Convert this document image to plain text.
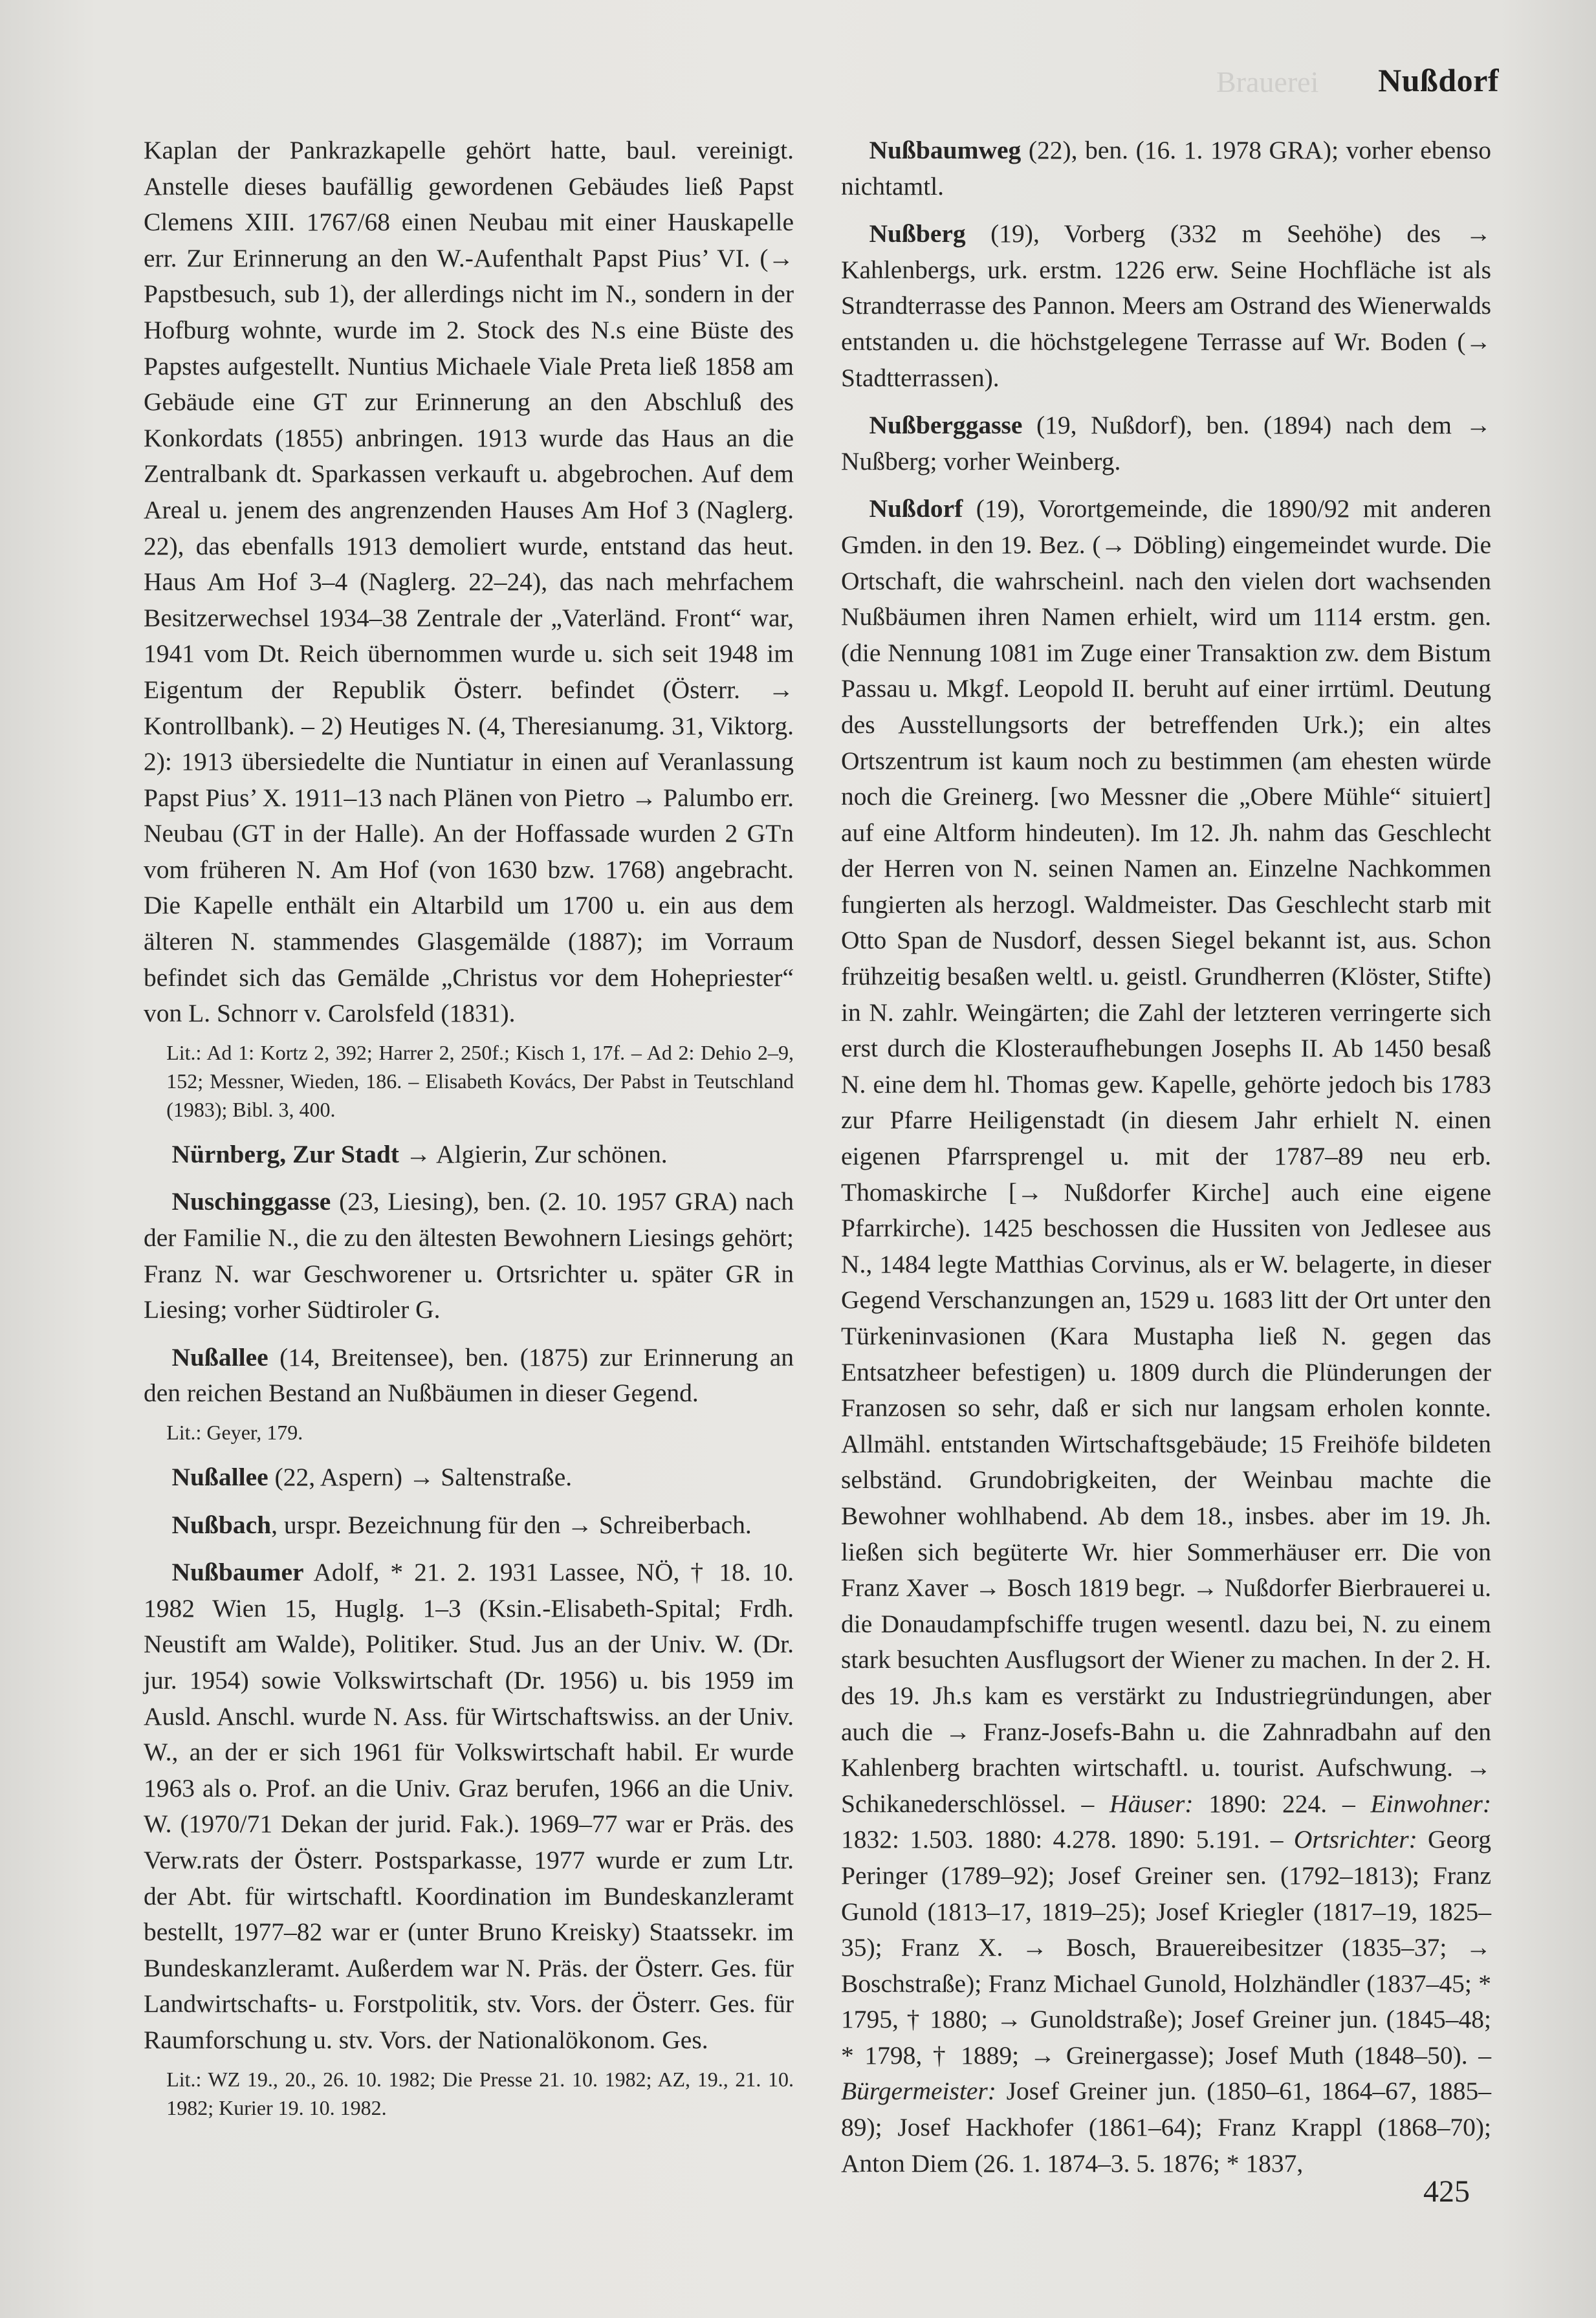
Brauerei Nußdorf

Kaplan der Pankrazkapelle gehört hatte, baul. vereinigt. Anstelle dieses baufällig gewordenen Gebäudes ließ Papst Clemens XIII. 1767/68 einen Neubau mit einer Hauskapelle err. Zur Erinnerung an den W.-Aufenthalt Papst Pius’ VI. (→ Papstbesuch, sub 1), der allerdings nicht im N., sondern in der Hofburg wohnte, wurde im 2. Stock des N.s eine Büste des Papstes aufgestellt. Nuntius Michaele Viale Preta ließ 1858 am Gebäude eine GT zur Erinnerung an den Abschluß des Konkordats (1855) anbringen. 1913 wurde das Haus an die Zentralbank dt. Sparkassen verkauft u. abgebrochen. Auf dem Areal u. jenem des angrenzenden Hauses Am Hof 3 (Naglerg. 22), das ebenfalls 1913 demoliert wurde, entstand das heut. Haus Am Hof 3–4 (Naglerg. 22–24), das nach mehrfachem Besitzerwechsel 1934–38 Zentrale der „Vaterländ. Front“ war, 1941 vom Dt. Reich übernommen wurde u. sich seit 1948 im Eigentum der Republik Österr. befindet (Österr. → Kontrollbank). – 2) Heutiges N. (4, Theresianumg. 31, Viktorg. 2): 1913 übersiedelte die Nuntiatur in einen auf Veranlassung Papst Pius’ X. 1911–13 nach Plänen von Pietro → Palumbo err. Neubau (GT in der Halle). An der Hoffassade wurden 2 GTn vom früheren N. Am Hof (von 1630 bzw. 1768) angebracht. Die Kapelle enthält ein Altarbild um 1700 u. ein aus dem älteren N. stammendes Glasgemälde (1887); im Vorraum befindet sich das Gemälde „Christus vor dem Hohepriester“ von L. Schnorr v. Carolsfeld (1831).

Lit.: Ad 1: Kortz 2, 392; Harrer 2, 250f.; Kisch 1, 17f. – Ad 2: Dehio 2–9, 152; Messner, Wieden, 186. – Elisabeth Kovács, Der Pabst in Teutschland (1983); Bibl. 3, 400.

Nürnberg, Zur Stadt → Algierin, Zur schönen.

Nuschinggasse (23, Liesing), ben. (2. 10. 1957 GRA) nach der Familie N., die zu den ältesten Bewohnern Liesings gehört; Franz N. war Geschworener u. Ortsrichter u. später GR in Liesing; vorher Südtiroler G.

Nußallee (14, Breitensee), ben. (1875) zur Erinnerung an den reichen Bestand an Nußbäumen in dieser Gegend.

Lit.: Geyer, 179.

Nußallee (22, Aspern) → Saltenstraße.

Nußbach, urspr. Bezeichnung für den → Schreiberbach.

Nußbaumer Adolf, * 21. 2. 1931 Lassee, NÖ, † 18. 10. 1982 Wien 15, Huglg. 1–3 (Ksin.-Elisabeth-Spital; Frdh. Neustift am Walde), Politiker. Stud. Jus an der Univ. W. (Dr. jur. 1954) sowie Volkswirtschaft (Dr. 1956) u. bis 1959 im Ausld. Anschl. wurde N. Ass. für Wirtschaftswiss. an der Univ. W., an der er sich 1961 für Volkswirtschaft habil. Er wurde 1963 als o. Prof. an die Univ. Graz berufen, 1966 an die Univ. W. (1970/71 Dekan der jurid. Fak.). 1969–77 war er Präs. des Verw.rats der Österr. Postsparkasse, 1977 wurde er zum Ltr. der Abt. für wirtschaftl. Koordination im Bundeskanzleramt bestellt, 1977–82 war er (unter Bruno Kreisky) Staatssekr. im Bundeskanzleramt. Außerdem war N. Präs. der Österr. Ges. für Landwirtschafts- u. Forstpolitik, stv. Vors. der Österr. Ges. für Raumforschung u. stv. Vors. der Nationalökonom. Ges.

Lit.: WZ 19., 20., 26. 10. 1982; Die Presse 21. 10. 1982; AZ, 19., 21. 10. 1982; Kurier 19. 10. 1982.

Nußbaumweg (22), ben. (16. 1. 1978 GRA); vorher ebenso nichtamtl.

Nußberg (19), Vorberg (332 m Seehöhe) des → Kahlenbergs, urk. erstm. 1226 erw. Seine Hochfläche ist als Strandterrasse des Pannon. Meers am Ostrand des Wienerwalds entstanden u. die höchstgelegene Terrasse auf Wr. Boden (→ Stadtterrassen).

Nußberggasse (19, Nußdorf), ben. (1894) nach dem → Nußberg; vorher Weinberg.

Nußdorf (19), Vorortgemeinde, die 1890/92 mit anderen Gmden. in den 19. Bez. (→ Döbling) eingemeindet wurde. Die Ortschaft, die wahrscheinl. nach den vielen dort wachsenden Nußbäumen ihren Namen erhielt, wird um 1114 erstm. gen. (die Nennung 1081 im Zuge einer Transaktion zw. dem Bistum Passau u. Mkgf. Leopold II. beruht auf einer irrtüml. Deutung des Ausstellungsorts der betreffenden Urk.); ein altes Ortszentrum ist kaum noch zu bestimmen (am ehesten würde noch die Greinerg. [wo Messner die „Obere Mühle“ situiert] auf eine Altform hindeuten). Im 12. Jh. nahm das Geschlecht der Herren von N. seinen Namen an. Einzelne Nachkommen fungierten als herzogl. Waldmeister. Das Geschlecht starb mit Otto Span de Nusdorf, dessen Siegel bekannt ist, aus. Schon frühzeitig besaßen weltl. u. geistl. Grundherren (Klöster, Stifte) in N. zahlr. Weingärten; die Zahl der letzteren verringerte sich erst durch die Klosteraufhebungen Josephs II. Ab 1450 besaß N. eine dem hl. Thomas gew. Kapelle, gehörte jedoch bis 1783 zur Pfarre Heiligenstadt (in diesem Jahr erhielt N. einen eigenen Pfarrsprengel u. mit der 1787–89 neu erb. Thomaskirche [→ Nußdorfer Kirche] auch eine eigene Pfarrkirche). 1425 beschossen die Hussiten von Jedlesee aus N., 1484 legte Matthias Corvinus, als er W. belagerte, in dieser Gegend Verschanzungen an, 1529 u. 1683 litt der Ort unter den Türkeninvasionen (Kara Mustapha ließ N. gegen das Entsatzheer befestigen) u. 1809 durch die Plünderungen der Franzosen so sehr, daß er sich nur langsam erholen konnte. Allmähl. entstanden Wirtschaftsgebäude; 15 Freihöfe bildeten selbständ. Grundobrigkeiten, der Weinbau machte die Bewohner wohlhabend. Ab dem 18., insbes. aber im 19. Jh. ließen sich begüterte Wr. hier Sommerhäuser err. Die von Franz Xaver → Bosch 1819 begr. → Nußdorfer Bierbrauerei u. die Donaudampfschiffe trugen wesentl. dazu bei, N. zu einem stark besuchten Ausflugsort der Wiener zu machen. In der 2. H. des 19. Jh.s kam es verstärkt zu Industriegründungen, aber auch die → Franz-Josefs-Bahn u. die Zahnradbahn auf den Kahlenberg brachten wirtschaftl. u. tourist. Aufschwung. → Schikanederschlössel. – Häuser: 1890: 224. – Einwohner: 1832: 1.503. 1880: 4.278. 1890: 5.191. – Ortsrichter: Georg Peringer (1789–92); Josef Greiner sen. (1792–1813); Franz Gunold (1813–17, 1819–25); Josef Kriegler (1817–19, 1825–35); Franz X. → Bosch, Brauereibesitzer (1835–37; → Boschstraße); Franz Michael Gunold, Holzhändler (1837–45; * 1795, † 1880; → Gunoldstraße); Josef Greiner jun. (1845–48; * 1798, † 1889; → Greinergasse); Josef Muth (1848–50). – Bürgermeister: Josef Greiner jun. (1850–61, 1864–67, 1885–89); Josef Hackhofer (1861–64); Franz Krappl (1868–70); Anton Diem (26. 1. 1874–3. 5. 1876; * 1837,

425
